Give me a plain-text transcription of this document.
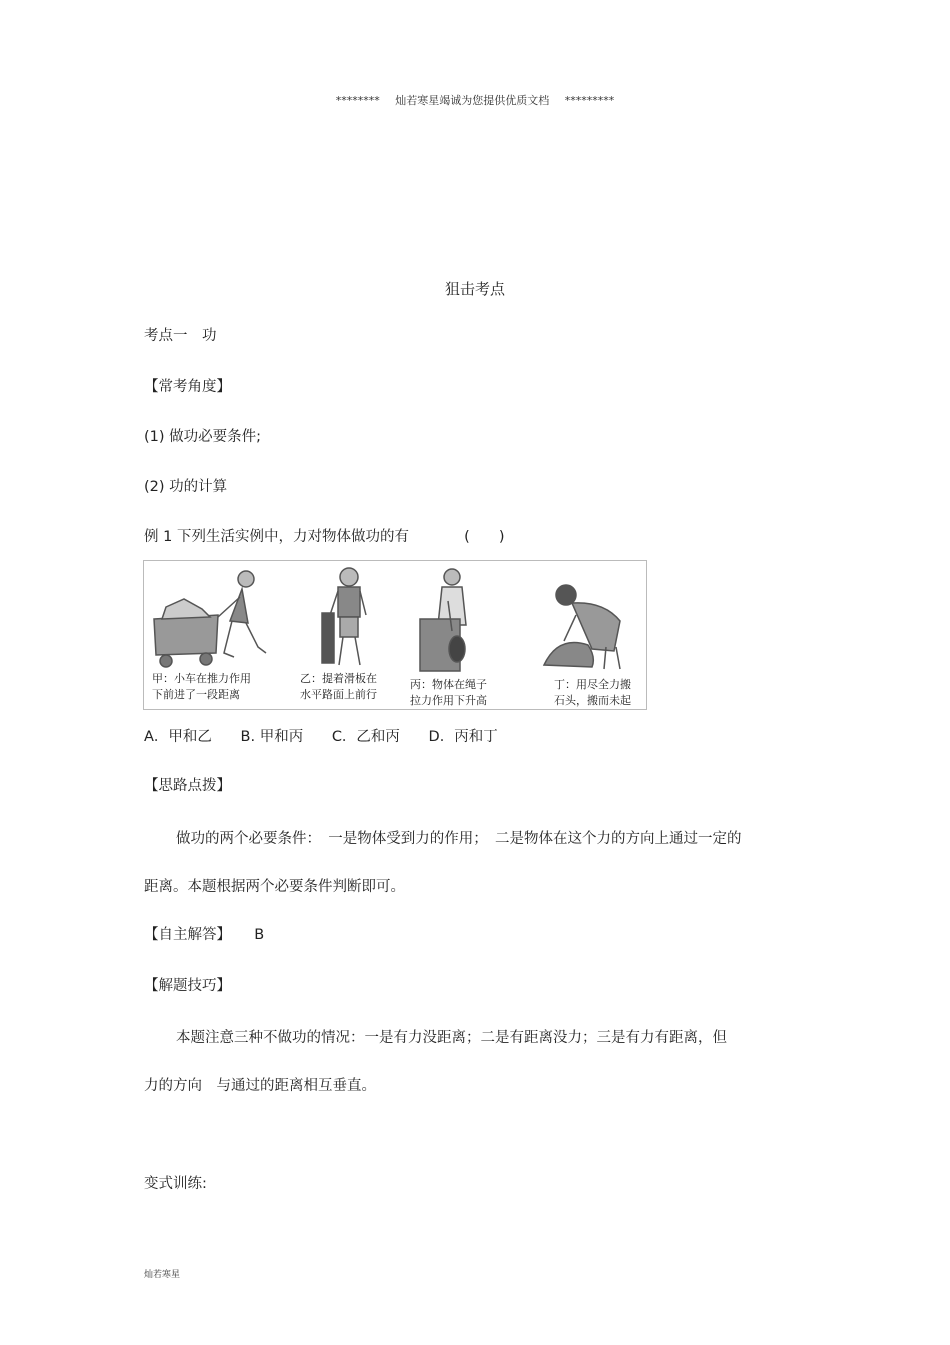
******** 灿若寒星竭诚为您提供优质文档 *********
狙击考点
考点一　功
【常考角度】
(1) 做功必要条件;
(2) 功的计算
例 1 下列生活实例中，力对物体做功的有	(　　)
甲：小车在推力作用
下前进了一段距离
乙：提着滑板在
水平路面上前行
丙：物体在绳子
拉力作用下升高
丁：用尽全力搬
石头，搬而未起
A．甲和乙 B. 甲和丙 C．乙和丙 D．丙和丁
【思路点拨】
做功的两个必要条件：　一是物体受到力的作用；　二是物体在这个力的方向上通过一定的
距离。本题根据两个必要条件判断即可。
【自主解答】 B
【解题技巧】
本题注意三种不做功的情况：一是有力没距离；二是有距离没力；三是有力有距离，但
力的方向　与通过的距离相互垂直。
变式训练:
灿若寒星
